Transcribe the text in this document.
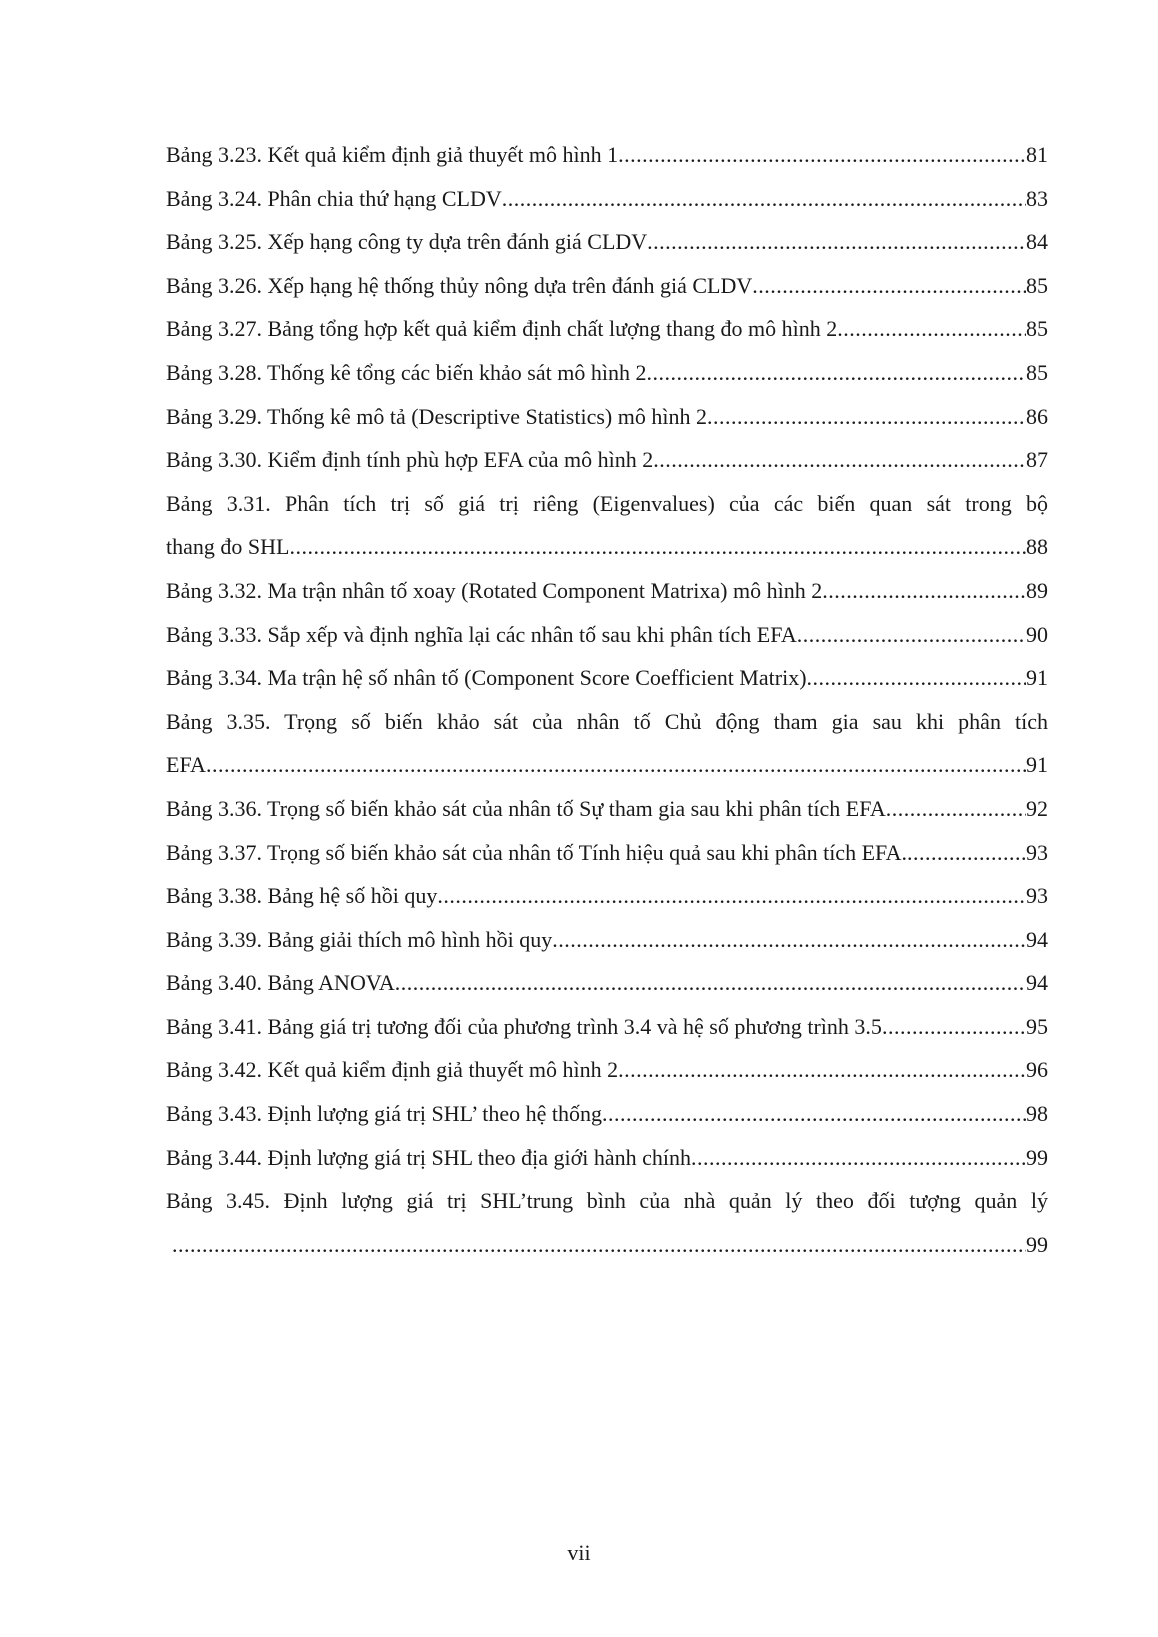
Bảng 3.23. Kết quả kiểm định giả thuyết mô hình 1 .....	81
Bảng 3.24. Phân chia thứ hạng CLDV .....	83
Bảng 3.25. Xếp hạng công ty dựa trên đánh giá CLDV .....	84
Bảng 3.26. Xếp hạng hệ thống thủy nông dựa trên đánh giá CLDV .....	85
Bảng 3.27. Bảng tổng hợp kết quả kiểm định chất lượng thang đo mô hình 2 .....	85
Bảng 3.28. Thống kê tổng các biến khảo sát mô hình 2 .....	85
Bảng 3.29. Thống kê mô tả (Descriptive Statistics) mô hình 2 .....	86
Bảng 3.30. Kiểm định tính phù hợp EFA của mô hình 2 .....	87
Bảng 3.31. Phân tích trị số giá trị riêng (Eigenvalues) của các biến quan sát trong bộ
thang đo SHL .....	88
Bảng 3.32. Ma trận nhân tố xoay (Rotated Component Matrixa) mô hình 2 .....	89
Bảng 3.33. Sắp xếp và định nghĩa lại các nhân tố sau khi phân tích EFA .....	90
Bảng 3.34. Ma trận hệ số nhân tố (Component Score Coefficient Matrix) .....	91
Bảng 3.35. Trọng số biến khảo sát của nhân tố Chủ động tham gia sau khi phân tích
EFA .....	91
Bảng 3.36. Trọng số biến khảo sát của nhân tố Sự tham gia sau khi phân tích EFA .....	92
Bảng 3.37. Trọng số biến khảo sát của nhân tố Tính hiệu quả sau khi phân tích EFA. .....	93
Bảng 3.38. Bảng hệ số hồi quy .....	93
Bảng 3.39. Bảng giải thích mô hình hồi quy .....	94
Bảng 3.40. Bảng ANOVA .....	94
Bảng 3.41. Bảng giá trị tương đối của phương trình 3.4 và hệ số phương trình 3.5 .....	95
Bảng 3.42. Kết quả kiểm định giả thuyết mô hình 2 .....	96
Bảng 3.43. Định lượng giá trị SHL’ theo hệ thống .....	98
Bảng 3.44. Định lượng giá trị SHL theo địa giới hành chính .....	99
Bảng 3.45. Định lượng giá trị SHL’trung bình của nhà quản lý theo đối tượng quản lý
.....
99
vii
